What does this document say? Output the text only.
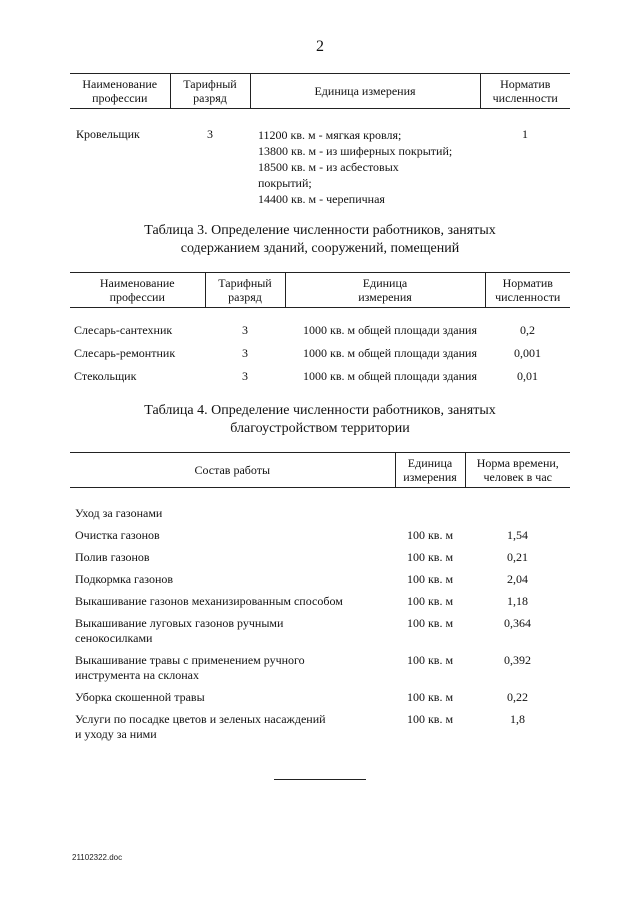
2
Наименование
профессии	Тарифный
разряд	Единица измерения	Норматив
численности
Кровельщик	3	11200 кв. м - мягкая кровля;
13800 кв. м - из шиферных покрытий;
18500 кв. м - из асбестовых
покрытий;
14400 кв. м - черепичная	1
Таблица 3. Определение численности работников, занятых
содержанием зданий, сооружений, помещений
Наименование
профессии	Тарифный
разряд	Единица
измерения	Норматив
численности
Слесарь-сантехник	3	1000 кв. м общей площади здания	0,2
Слесарь-ремонтник	3	1000 кв. м общей площади здания	0,001
Стекольщик	3	1000 кв. м общей площади здания	0,01
Таблица 4. Определение численности работников, занятых
благоустройством территории
Состав работы	Единица
измерения	Норма времени,
человек в час
Уход за газонами		
Очистка газонов	100 кв. м	1,54
Полив газонов	100 кв. м	0,21
Подкормка газонов	100 кв. м	2,04
Выкашивание газонов механизированным способом	100 кв. м	1,18
Выкашивание луговых газонов ручными
сенокосилками	100 кв. м	0,364
Выкашивание травы с применением ручного
инструмента на склонах	100 кв. м	0,392
Уборка скошенной травы	100 кв. м	0,22
Услуги по посадке цветов и зеленых насаждений
и уходу за ними	100 кв. м	1,8
21102322.doc
